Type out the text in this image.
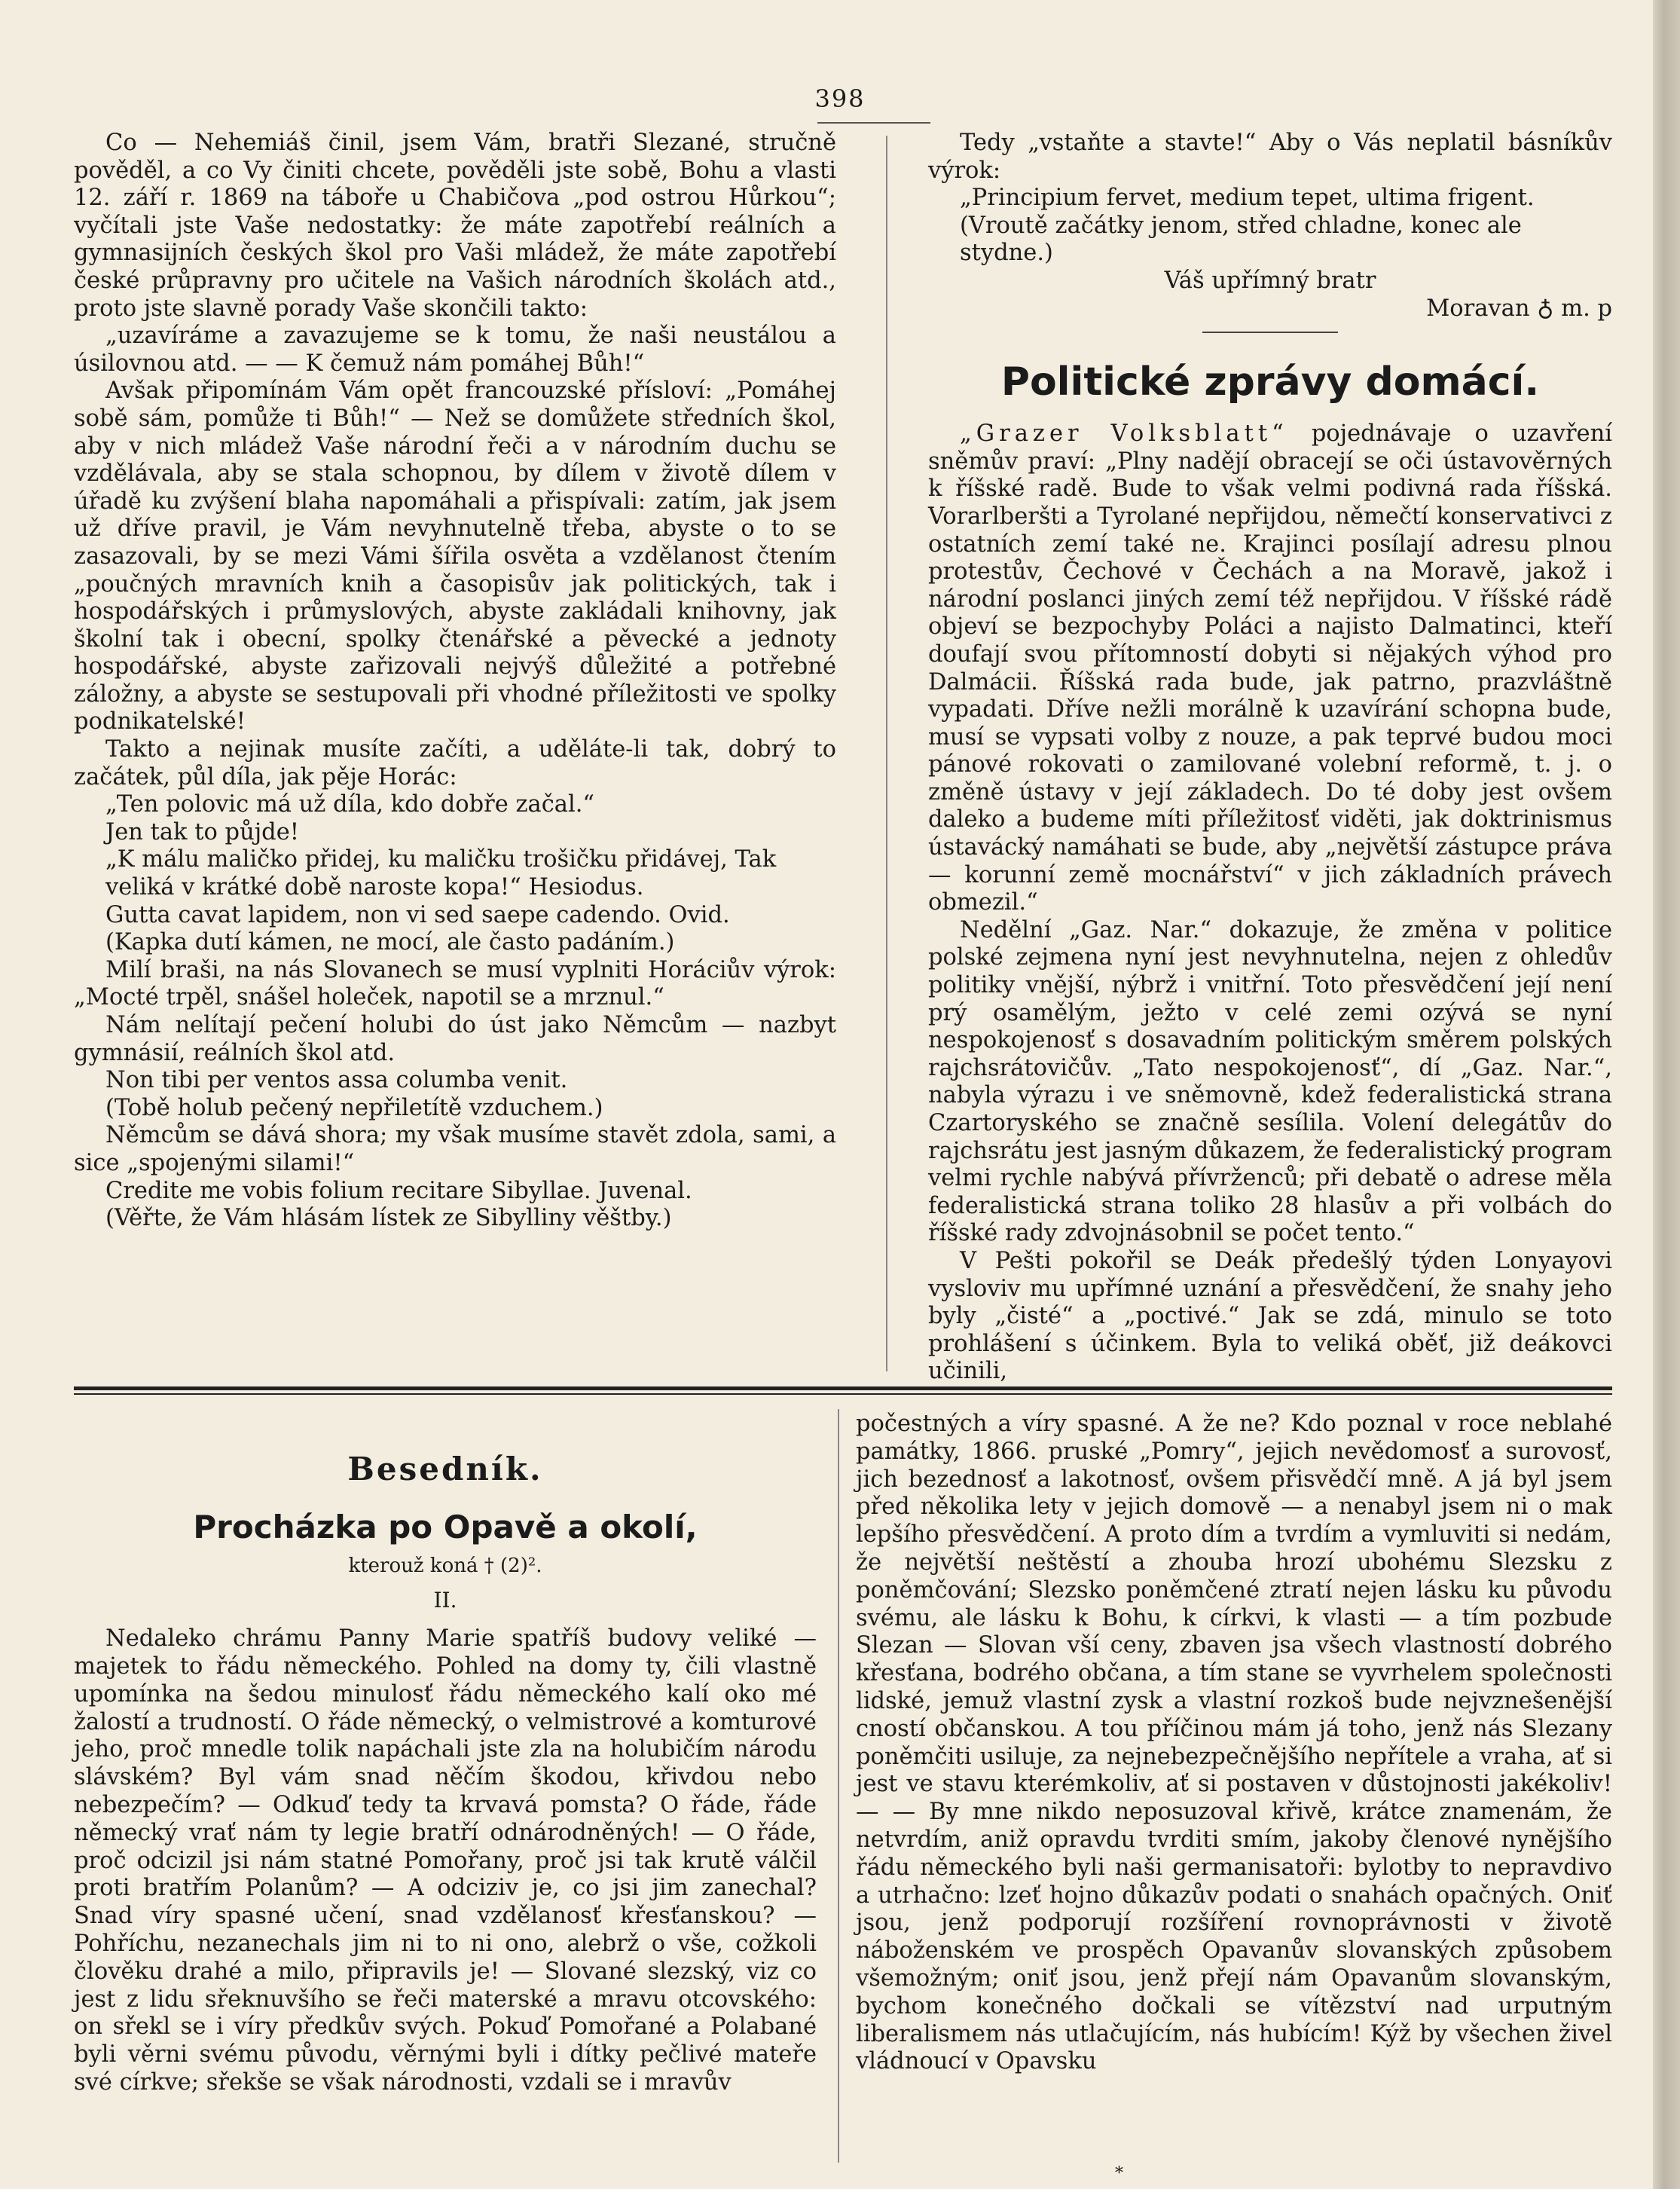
398

Co — Nehemiáš činil, jsem Vám, bratři Slezané, stručně pověděl, a co Vy činiti chcete, pověděli jste sobě, Bohu a vlasti 12. září r. 1869 na táboře u Chabičova „pod ostrou Hůrkou“; vyčítali jste Vaše nedostatky: že máte zapotřebí reálních a gymnasijních českých škol pro Vaši mládež, že máte zapotřebí české průpravny pro učitele na Vašich národních školách atd., proto jste slavně porady Vaše skončili takto:

„uzavíráme a zavazujeme se k tomu, že naši neustálou a úsilovnou atd. — — K čemuž nám pomáhej Bůh!“

Avšak připomínám Vám opět francouzské přísloví: „Pomáhej sobě sám, pomůže ti Bůh!“ — Než se domůžete středních škol, aby v nich mládež Vaše národní řeči a v národním duchu se vzdělávala, aby se stala schopnou, by dílem v životě dílem v úřadě ku zvýšení blaha napomáhali a přispívali: zatím, jak jsem už dříve pravil, je Vám nevyhnutelně třeba, abyste o to se zasazovali, by se mezi Vámi šířila osvěta a vzdělanost čtením „poučných mravních knih a časopisův jak politických, tak i hospodářských i průmyslových, abyste zakládali knihovny, jak školní tak i obecní, spolky čtenářské a pěvecké a jednoty hospodářské, abyste zařizovali nejvýš důležité a potřebné záložny, a abyste se sestupovali při vhodné příležitosti ve spolky podnikatelské!

Takto a nejinak musíte začíti, a uděláte-li tak, dobrý to začátek, půl díla, jak pěje Horác:

„Ten polovic má už díla, kdo dobře začal.“

Jen tak to půjde!

„K málu maličko přidej, ku maličku trošičku přidávej, Tak veliká v krátké době naroste kopa!“ Hesiodus.

Gutta cavat lapidem, non vi sed saepe cadendo. Ovid.

(Kapka dutí kámen, ne mocí, ale často padáním.)

Milí braši, na nás Slovanech se musí vyplniti Horáciův výrok: „Mocté trpěl, snášel holeček, napotil se a mrznul.“

Nám nelítají pečení holubi do úst jako Němcům — nazbyt gymnásií, reálních škol atd.

Non tibi per ventos assa columba venit.

(Tobě holub pečený nepřiletítě vzduchem.)

Němcům se dává shora; my však musíme stavět zdola, sami, a sice „spojenými silami!“

Credite me vobis folium recitare Sibyllae. Juvenal.

(Věřte, že Vám hlásám lístek ze Sibylliny věštby.)

Tedy „vstaňte a stavte!“ Aby o Vás neplatil básníkův výrok:

„Principium fervet, medium tepet, ultima frigent.

(Vroutě začátky jenom, střed chladne, konec ale stydne.)

Váš upřímný bratr

Moravan ♁ m. p

Politické zprávy domácí.

„Grazer Volksblatt“ pojednávaje o uzavření sněmův praví: „Plny nadějí obracejí se oči ústavověrných k říšské radě. Bude to však velmi podivná rada říšská. Vorarlberšti a Tyrolané nepřijdou, němečtí konservativci z ostatních zemí také ne. Krajinci posílají adresu plnou protestův, Čechové v Čechách a na Moravě, jakož i národní poslanci jiných zemí též nepřijdou. V říšské rádě objeví se bezpochyby Poláci a najisto Dalmatinci, kteří doufají svou přítomností dobyti si nějakých výhod pro Dalmácii. Říšská rada bude, jak patrno, prazvláštně vypadati. Dříve nežli morálně k uzavírání schopna bude, musí se vypsati volby z nouze, a pak teprvé budou moci pánové rokovati o zamilované volební reformě, t. j. o změně ústavy v její základech. Do té doby jest ovšem daleko a budeme míti příležitosť viděti, jak doktrinismus ústavácký namáhati se bude, aby „největší zástupce práva — korunní země mocnářství“ v jich základních právech obmezil.“

Nedělní „Gaz. Nar.“ dokazuje, že změna v politice polské zejmena nyní jest nevyhnutelna, nejen z ohledův politiky vnější, nýbrž i vnitřní. Toto přesvědčení její není prý osamělým, ježto v celé zemi ozývá se nyní nespokojenosť s dosavadním politickým směrem polských rajchsrátovičův. „Tato nespokojenosť“, dí „Gaz. Nar.“, nabyla výrazu i ve sněmovně, kdež federalistická strana Czartoryského se značně sesílila. Volení delegátův do rajchsrátu jest jasným důkazem, že federalistický program velmi rychle nabývá přívrženců; při debatě o adrese měla federalistická strana toliko 28 hlasův a při volbách do říšské rady zdvojnásobnil se počet tento.“

V Pešti pokořil se Deák předešlý týden Lonyayovi vysloviv mu upřímné uznání a přesvědčení, že snahy jeho byly „čisté“ a „poctivé.“ Jak se zdá, minulo se toto prohlášení s účinkem. Byla to veliká oběť, již deákovci učinili,

Besedník.
Procházka po Opavě a okolí,
kterouž koná † (2)².
II.

Nedaleko chrámu Panny Marie spatříš budovy veliké — majetek to řádu německého. Pohled na domy ty, čili vlastně upomínka na šedou minulosť řádu německého kalí oko mé žalostí a trudností. O řáde německý, o velmistrové a komturové jeho, proč mnedle tolik napáchali jste zla na holubičím národu slávském? Byl vám snad něčím škodou, křivdou nebo nebezpečím? — Odkuď tedy ta krvavá pomsta? O řáde, řáde německý vrať nám ty legie bratří odnárodněných! — O řáde, proč odcizil jsi nám statné Pomořany, proč jsi tak krutě válčil proti bratřím Polanům? — A odciziv je, co jsi jim zanechal? Snad víry spasné učení, snad vzdělanosť křesťanskou? — Pohříchu, nezanechals jim ni to ni ono, alebrž o vše, cožkoli člověku drahé a milo, připravils je! — Slované slezský, viz co jest z lidu sřeknuvšího se řeči materské a mravu otcovského: on sřekl se i víry předkův svých. Pokuď Pomořané a Polabané byli věrni svému původu, věrnými byli i dítky pečlivé mateře své církve; sřekše se však národnosti, vzdali se i mravův

počestných a víry spasné. A že ne? Kdo poznal v roce neblahé památky, 1866. pruské „Pomry“, jejich nevědomosť a surovosť, jich bezednosť a lakotnosť, ovšem přisvědčí mně. A já byl jsem před několika lety v jejich domově — a nenabyl jsem ni o mak lepšího přesvědčení. A proto dím a tvrdím a vymluviti si nedám, že největší neštěstí a zhouba hrozí ubohému Slezsku z poněmčování; Slezsko poněmčené ztratí nejen lásku ku původu svému, ale lásku k Bohu, k církvi, k vlasti — a tím pozbude Slezan — Slovan vší ceny, zbaven jsa všech vlastností dobrého křesťana, bodrého občana, a tím stane se vyvrhelem společnosti lidské, jemuž vlastní zysk a vlastní rozkoš bude nejvznešenější cností občanskou. A tou příčinou mám já toho, jenž nás Slezany poněmčiti usiluje, za nejnebezpečnějšího nepřítele a vraha, ať si jest ve stavu kterémkoliv, ať si postaven v důstojnosti jakékoliv! — — By mne nikdo neposuzoval křivě, krátce znamenám, že netvrdím, aniž opravdu tvrditi smím, jakoby členové nynějšího řádu německého byli naši germanisatoři: bylotby to nepravdivo a utrhačno: lzeť hojno důkazův podati o snahách opačných. Oniť jsou, jenž podporují rozšíření rovnoprávnosti v životě náboženském ve prospěch Opavanův slovanských způsobem všemožným; oniť jsou, jenž přejí nám Opavanům slovanským, bychom konečného dočkali se vítězství nad urputným liberalismem nás utlačujícím, nás hubícím! Kýž by všechen živel vládnoucí v Opavsku

*
